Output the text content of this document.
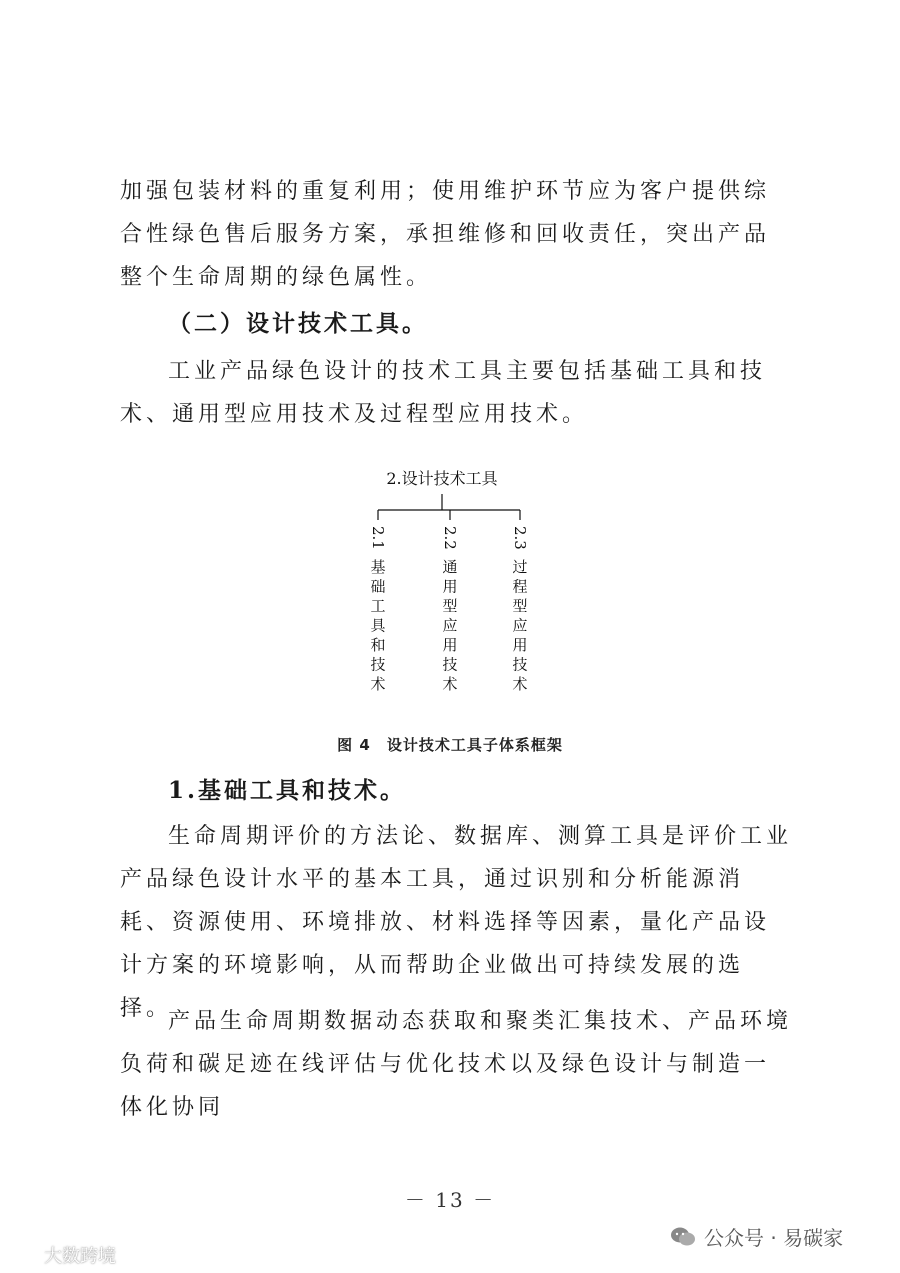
加强包装材料的重复利用；使用维护环节应为客户提供综合性绿色售后服务方案，承担维修和回收责任，突出产品整个生命周期的绿色属性。

（二）设计技术工具。

工业产品绿色设计的技术工具主要包括基础工具和技术、通用型应用技术及过程型应用技术。

2.设计技术工具
2.1
基础工具和技术
2.2
通用型应用技术
2.3
过程型应用技术
图 4　设计技术工具子体系框架

1.基础工具和技术。

生命周期评价的方法论、数据库、测算工具是评价工业产品绿色设计水平的基本工具，通过识别和分析能源消耗、资源使用、环境排放、材料选择等因素，量化产品设计方案的环境影响，从而帮助企业做出可持续发展的选择。

产品生命周期数据动态获取和聚类汇集技术、产品环境负荷和碳足迹在线评估与优化技术以及绿色设计与制造一体化协同

－ 13 －
公众号 · 易碳家
大数跨境
